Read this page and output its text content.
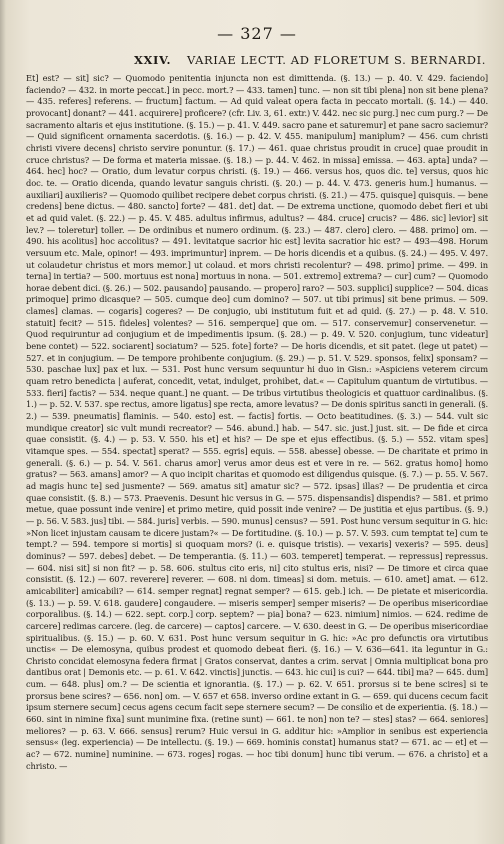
— 327 —
XXIV. VARIAE LECTT. AD FLORETUM S. BERNARDI.

Et] est? — sit] sic? — Quomodo penitentia injuncta non est dimittenda. (§. 13.) — p. 40. V. 429. faciendo] faciendo? — 432. in morte peccat.] in pecc. mort.? — 433. tamen] tunc. — non sit tibi plena] non sit bene plena? — 435. referes] referens. — fructum] factum. — Ad quid valeat opera facta in peccato mortali. (§. 14.) — 440. provocant] donant? — 441. acquirere] proficere? (cfr. Liv. 3, 61. extr.) V. 442. nec sic purg.] nec cum purg.? — De sacramento altaris et ejus institutione. (§. 15.) — p. 41. V. 449. sacro pane et saturemur] et pane sacro saciemur? — Quid significent ornamenta sacerdotis. (§. 16.) — p. 42. V. 455. manipulum] maniplum? — 456. cum christi christi vivere decens] christo servire ponuntur. (§. 17.) — 461. quae christus proudit in cruce] quae proudit in cruce christus? — De forma et materia missae. (§. 18.) — p. 44. V. 462. in missa] emissa. — 463. apta] unda? — 464. hec] hoc? — Oratio, dum levatur corpus christi. (§. 19.) — 466. versus hos, quos dic. te] versus, quos hic doc. te. — Oratio dicenda, quando levatur sanguis christi. (§. 20.) — p. 44. V. 473. generis hum.] humanus. — auxiliari] auxilieris? — Quomodo quilibet recipere debet corpus christi. (§. 21.) — 475. quisque] quisquis. — bene credens] bene dictus. — 480. sancto] forte? — 481. det] dat. — De extrema unctione, quomodo debet fieri et ubi et ad quid valet. (§. 22.) — p. 45. V. 485. adultus infirmus, adultus? — 484. cruce] crucis? — 486. sic] levior] sit lev.? — toleretur] toller. — De ordinibus et numero ordinum. (§. 23.) — 487. clero] clero. — 488. primo] om. — 490. his acolitus] hoc accolitus? — 491. levitatque sacrior hic est] levita sacratior hic est? — 493—498. Horum versuum etc. Male, opinor! — 493. imprimuntur] inprem. — De horis dicendis et a quibus. (§. 24.) — 495. V. 497. ut colaudetur christus et mors memor.] ut colaud. et mors christi recolentur? — 498. primo] prime. — 499. in terna] in tertia? — 500. mortuus est nona] mortuus in nona. — 501. extremo] extrema? — cur] cum? — Quomodo horae debent dici. (§. 26.) — 502. pausando] pausando. — propero] raro? — 503. supplici] supplice? — 504. dicas primoque] primo dicasque? — 505. cumque deo] cum domino? — 507. ut tibi primus] sit bene primus. — 509. clames] clamas. — cogaris] cogeres? — De conjugio, ubi institutum fuit et ad quid. (§. 27.) — p. 48. V. 510. statuit] fecit? — 515. fideles] volentes? — 516. semperque] que om. — 517. conservemur] conservenetur. — Quod requiruntur ad conjugium et de impedimentis ipsum. (§. 28.) — p. 49. V. 520. conjugium, tunc videatur] bene contet) — 522. sociarent] sociatum? — 525. fote] forte? — De horis dicendis, et sit patet. (lege ut patet) — 527. et in conjugium. — De tempore prohibente conjugium. (§. 29.) — p. 51. V. 529. sponsos, felix] sponsam? — 530. paschae lux] pax et lux. — 531. Post hunc versum sequuntur hi duo in Gisn.: »Aspiciens veterem circum quam retro benedicta | auferat, concedit, vetat, indulget, prohibet, dat.« — Capitulum quantum de virtutibus. — 533. fieri] factis? — 534. neque quant.] ne quant. — De tribus virtutibus theologicis et quattuor cardinalibus. (§. 1.) — p. 52. V. 537. spe rectus, amore ligatus] spe recta, amore levatus? — De donis spiritus sancti in generali. (§. 2.) — 539. pneumatis] flaminis. — 540. esto] est. — factis] fortis. — Octo beatitudines. (§. 3.) — 544. vult sic mundique creator] sic vult mundi recreator? — 546. abund.] hab. — 547. sic. just.] just. sit. — De fide et circa quae consistit. (§. 4.) — p. 53. V. 550. his et] et his? — De spe et ejus effectibus. (§. 5.) — 552. vitam spes] vitamque spes. — 554. spectat] sperat? — 555. egris] equis. — 558. abesse] obesse. — De charitate et primo in generali. (§. 6.) — p. 54. V. 561. charus amor] verus amor deus est et vere in re. — 562. gratus homo] homo gratus? — 563. amans] amor? — A quo incipit charitas et quomodo est diligendus quisque. (§. 7.) — p. 55. V. 567. ad magis hunc te] sed jusmente? — 569. amatus sit] amatur sic? — 572. ipsas] illas? — De prudentia et circa quae consistit. (§. 8.) — 573. Praevenis. Desunt hic versus in G. — 575. dispensandis] dispendis? — 581. et primo metue, quae possunt inde venire] et primo metire, quid possit inde venire? — De justitia et ejus partibus. (§. 9.) — p. 56. V. 583. jus] tibi. — 584. juris] verbis. — 590. munus] census? — 591. Post hunc versum sequitur in G. hic: »Non licet injustam causam te dicere justam?« — De fortitudine. (§. 10.) — p. 57. V. 593. cum temptat te] cum te tempt.? — 594. tempore si mortis] si quoquam mors? (i. e. quisque tristis). — vexaris] vexeris? — 595. deus] dominus? — 597. debes] debet. — De temperantia. (§. 11.) — 603. temperet] temperat. — repressus] repressus. — 604. nisi sit] si non fit? — p. 58. 606. stultus cito eris, ni] cito stultus eris, nisi? — De timore et circa quae consistit. (§. 12.) — 607. reverere] reverer. — 608. ni dom. timeas] si dom. metuis. — 610. amet] amat. — 612. amicabiliter] amicabili? — 614. semper regnat] regnat semper? — 615. geb.] ich. — De pietate et misericordia. (§. 13.) — p. 59. V. 618. gaudere] congaudere. — miseris semper] semper miseris? — De operibus misericordiae corporalibus. (§. 14.) — 622. sept. corp.] corp. septem? — pia] bona? — 623. nimium] nimios. — 624. redime de carcere] redimas carcere. (leg. de carcere) — captos] carcere. — V. 630. deest in G. — De operibus misericordiae spiritualibus. (§. 15.) — p. 60. V. 631. Post hunc versum sequitur in G. hic: »Ac pro defunctis ora virtutibus unctis« — De elemosyna, quibus prodest et quomodo debeat fieri. (§. 16.) — V. 636—641. ita leguntur in G.: Christo concidat elemosyna federa firmat | Gratos conservat, dantes a crim. servat | Omnia multiplicat bona pro dantibus orat | Demonis etc. — p. 61. V. 642. vinctis] junctis. — 643. hic cui] is cui? — 644. tibi] ma? — 645. dum] cum. — 648. plus] om.? — De scientia et ignorantia. (§. 17.) — p. 62. V. 651. prorsus si te bene scires] si te prorsus bene scires? — 656. non] om. — V. 657 et 658. inverso ordine extant in G. — 659. qui ducens cecum facit ipsum sternere secum] cecus agens cecum facit sepe sternere secum? — De consilio et de experientia. (§. 18.) — 660. sint in nimine fixa] sunt munimine fixa. (retine sunt) — 661. te non] non te? — stes] stas? — 664. seniores] meliores? — p. 63. V. 666. sensus] rerum? Huic versui in G. additur hic: »Amplior in senibus est experiencia sensus« (leg. experiencia) — De intellectu. (§. 19.) — 669. hominis constat] humanus stat? — 671. ac — et] et — ac? — 672. numine] numinine. — 673. roges] rogas. — hoc tibi donum] hunc tibi verum. — 676. a christo] et a christo. —
